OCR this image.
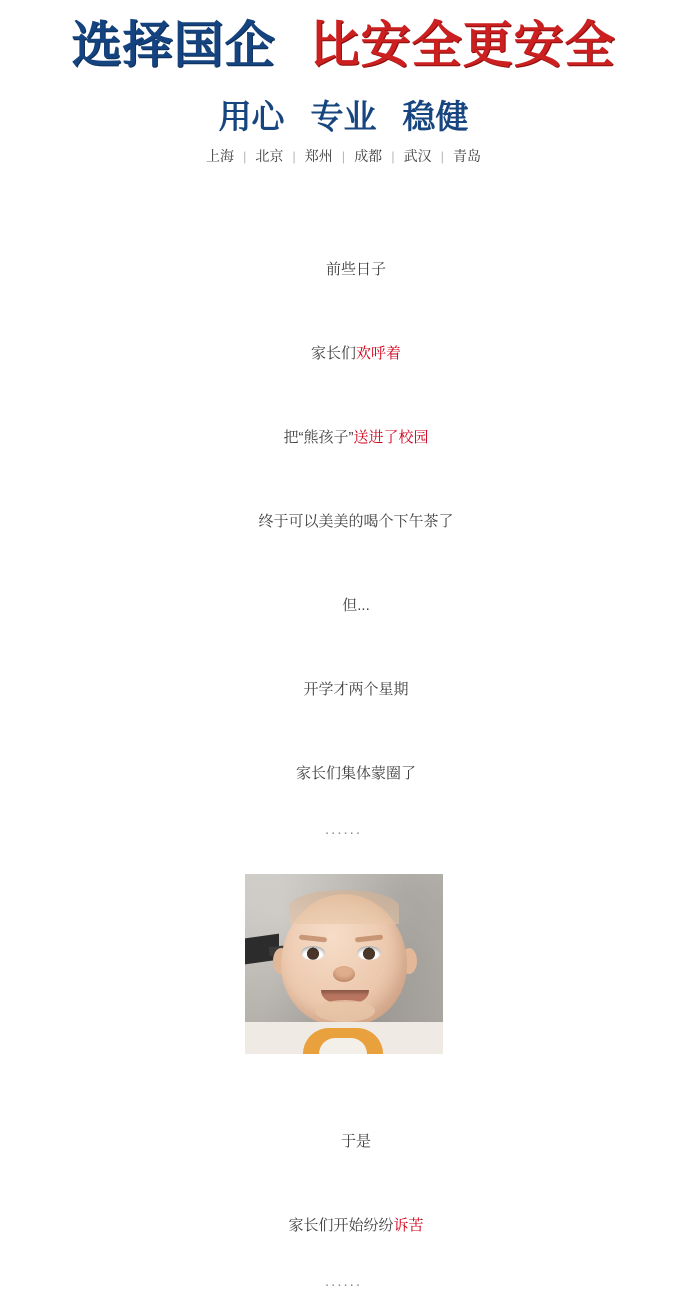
选择国企 比安全更安全
用心 专业 稳健
上海 | 北京 | 郑州 | 成都 | 武汉 | 青岛

前些日子

家长们欢呼着

把“熊孩子”送进了校园

终于可以美美的喝个下午茶了

但...

开学才两个星期

家长们集体蒙圈了

......

于是

家长们开始纷纷诉苦

......
